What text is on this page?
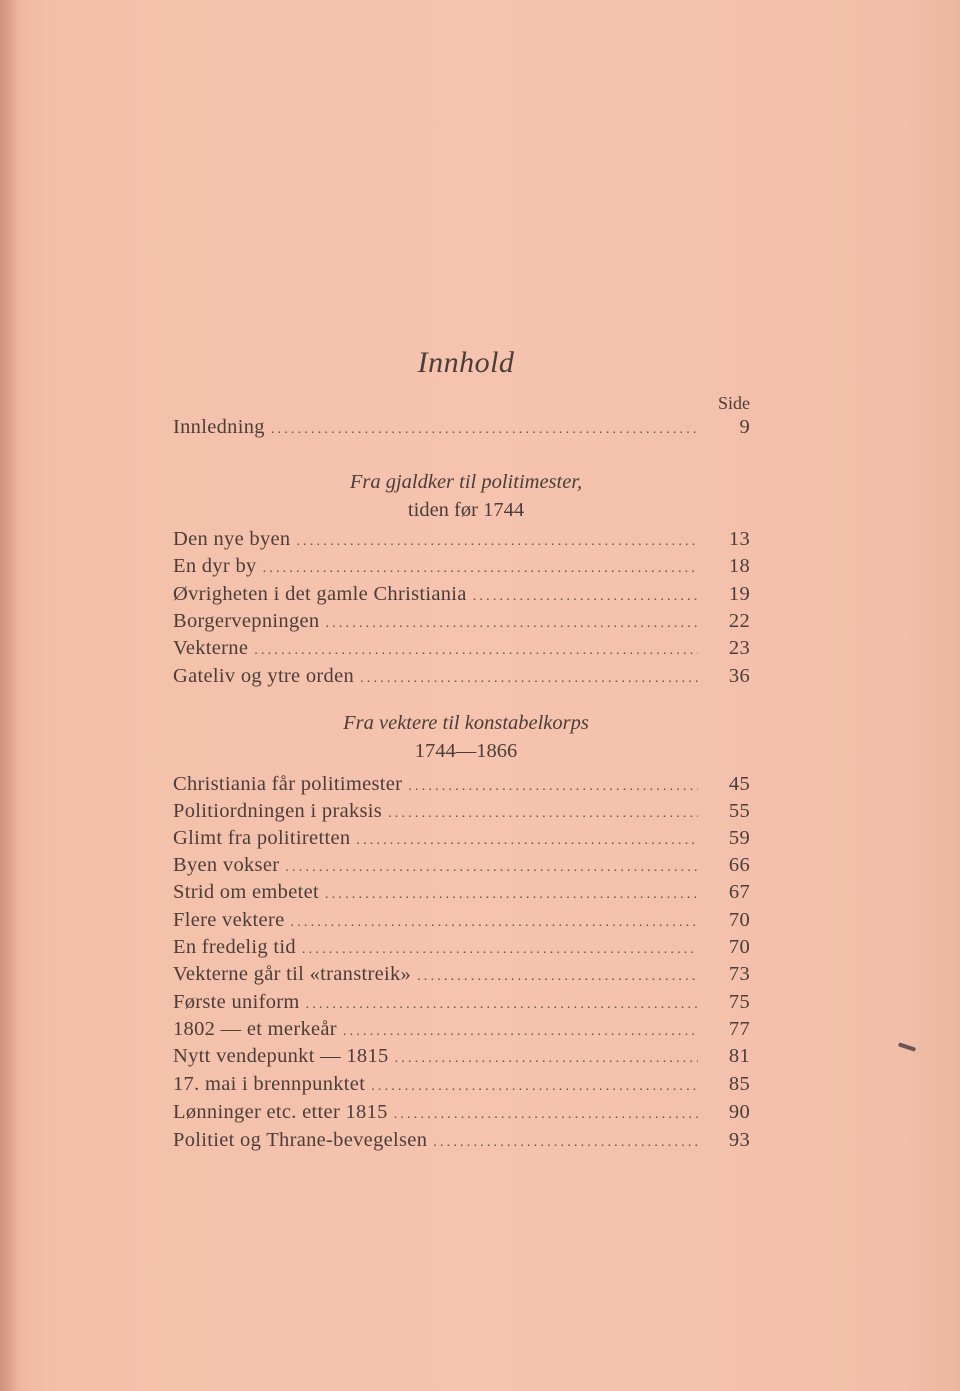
Innhold
Side
Innledning .....	9
Fra gjaldker til politimester,
tiden før 1744
Den nye byen .....	13
En dyr by .....	18
Øvrigheten i det gamle Christiania .....	19
Borgervepningen .....	22
Vekterne .....	23
Gateliv og ytre orden .....	36
Fra vektere til konstabelkorps
1744—1866
Christiania får politimester .....	45
Politiordningen i praksis .....	55
Glimt fra politiretten .....	59
Byen vokser .....	66
Strid om embetet .....	67
Flere vektere .....	70
En fredelig tid .....	70
Vekterne går til «transtreik» .....	73
Første uniform .....	75
1802 — et merkeår .....	77
Nytt vendepunkt — 1815 .....	81
17. mai i brennpunktet .....	85
Lønninger etc. etter 1815 .....	90
Politiet og Thrane-bevegelsen .....	93
